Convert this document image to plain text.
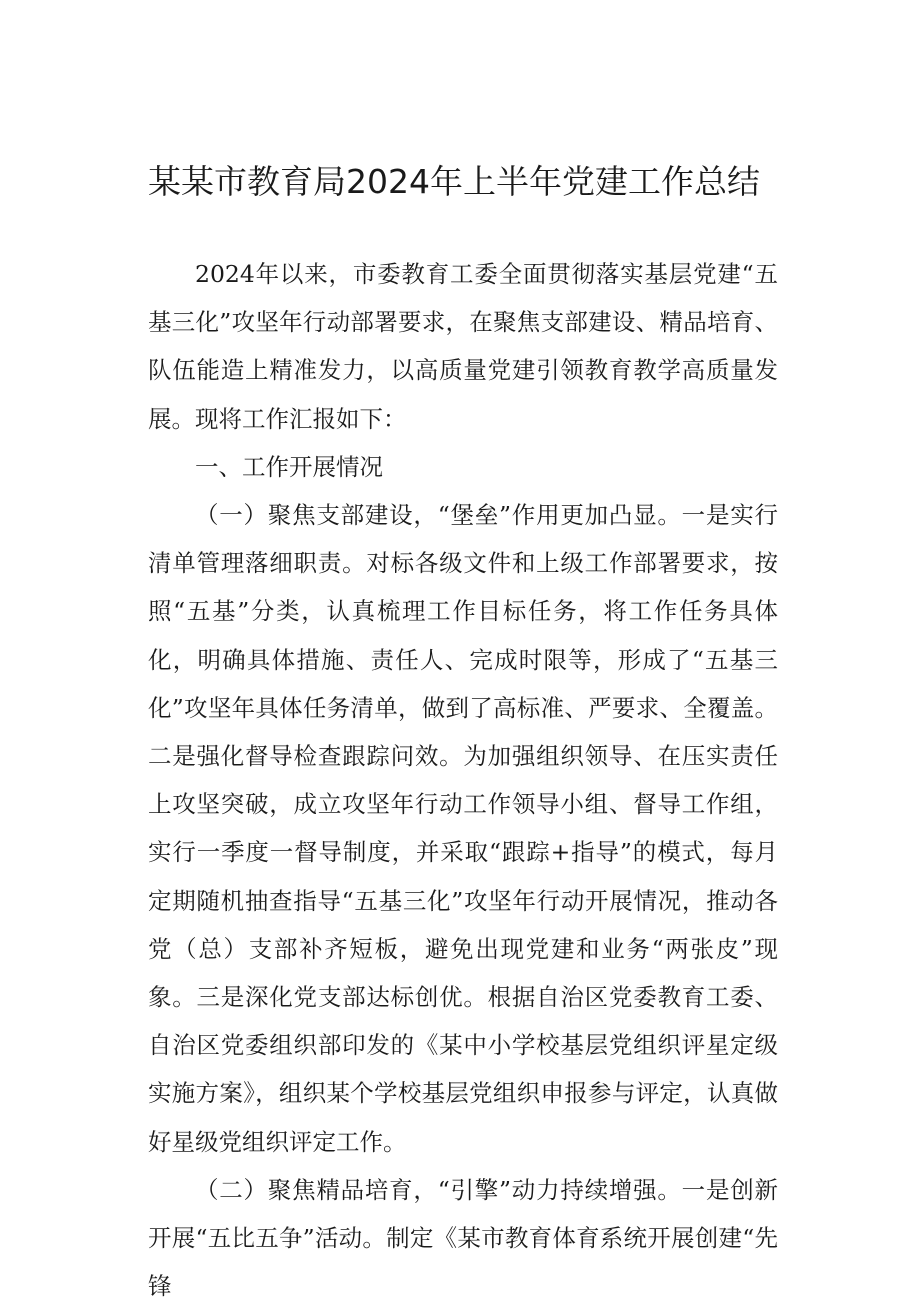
某某市教育局2024年上半年党建工作总结

2024年以来，市委教育工委全面贯彻落实基层党建“五基三化”攻坚年行动部署要求，在聚焦支部建设、精品培育、队伍能造上精准发力，以高质量党建引领教育教学高质量发展。现将工作汇报如下：

一、工作开展情况

（一）聚焦支部建设，“堡垒”作用更加凸显。一是实行清单管理落细职责。对标各级文件和上级工作部署要求，按照“五基”分类，认真梳理工作目标任务，将工作任务具体化，明确具体措施、责任人、完成时限等，形成了“五基三化”攻坚年具体任务清单，做到了高标准、严要求、全覆盖。二是强化督导检查跟踪问效。为加强组织领导、在压实责任上攻坚突破，成立攻坚年行动工作领导小组、督导工作组，实行一季度一督导制度，并采取“跟踪+指导”的模式，每月定期随机抽查指导“五基三化”攻坚年行动开展情况，推动各党（总）支部补齐短板，避免出现党建和业务“两张皮”现象。三是深化党支部达标创优。根据自治区党委教育工委、自治区党委组织部印发的《某中小学校基层党组织评星定级实施方案》，组织某个学校基层党组织申报参与评定，认真做好星级党组织评定工作。

（二）聚焦精品培育，“引擎”动力持续增强。一是创新开展“五比五争”活动。制定《某市教育体育系统开展创建“先锋
